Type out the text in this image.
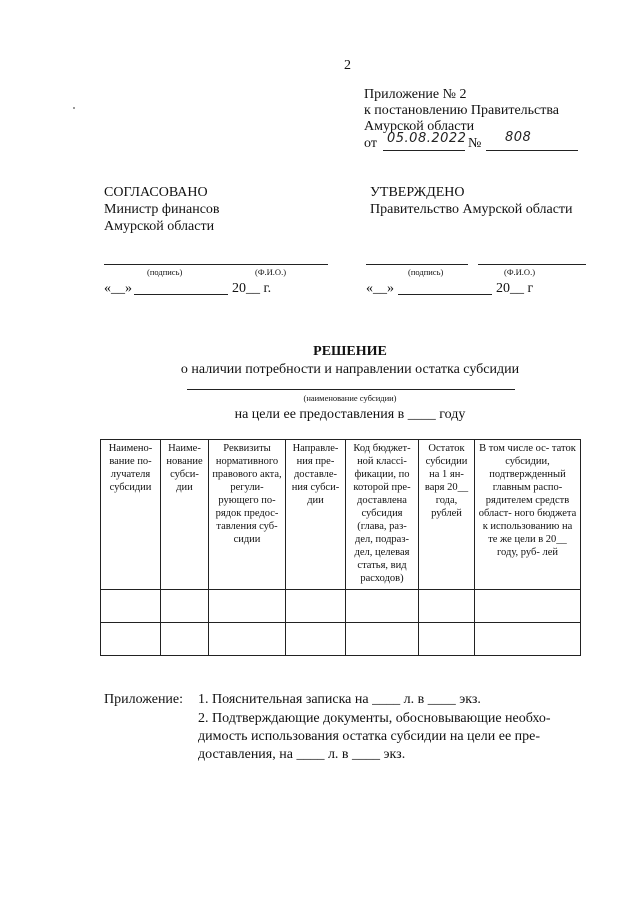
2
Приложение № 2
к постановлению Правительства
Амурской области
от 05.08.2022 № 808
СОГЛАСОВАНО
Министр финансов
Амурской области
(подпись)	(Ф.И.О.)
«__»	20__ г.
УТВЕРЖДЕНО
Правительство Амурской области
(подпись)	(Ф.И.О.)
«__»	20__ г
РЕШЕНИЕ
о наличии потребности и направлении остатка субсидии
(наименование субсидии)
на цели ее предоставления в ____ году
Наимено- вание по- лучателя субсидии	Наиме- нование субси- дии	Реквизиты нормативного правового акта, регули- рующего по- рядок предос- тавления суб- сидии	Направле- ния пре- доставле- ния субси- дии	Код бюджет- ной классі- фикации, по которой пре- доставлена субсидия (глава, раз- дел, подраз- дел, целевая статья, вид расходов)	Остаток субсидии на 1 ян- варя 20__ года, рублей	В том числе ос- таток субсидии, подтвержденный главным распо- рядителем средств област- ного бюджета к использованию на те же цели в 20__ году, руб- лей

Приложение: 1. Пояснительная записка на ____ л. в ____ экз.
2. Подтверждающие документы, обосновывающие необхо-
димость использования остатка субсидии на цели ее пре-
доставления, на ____ л. в ____ экз.
